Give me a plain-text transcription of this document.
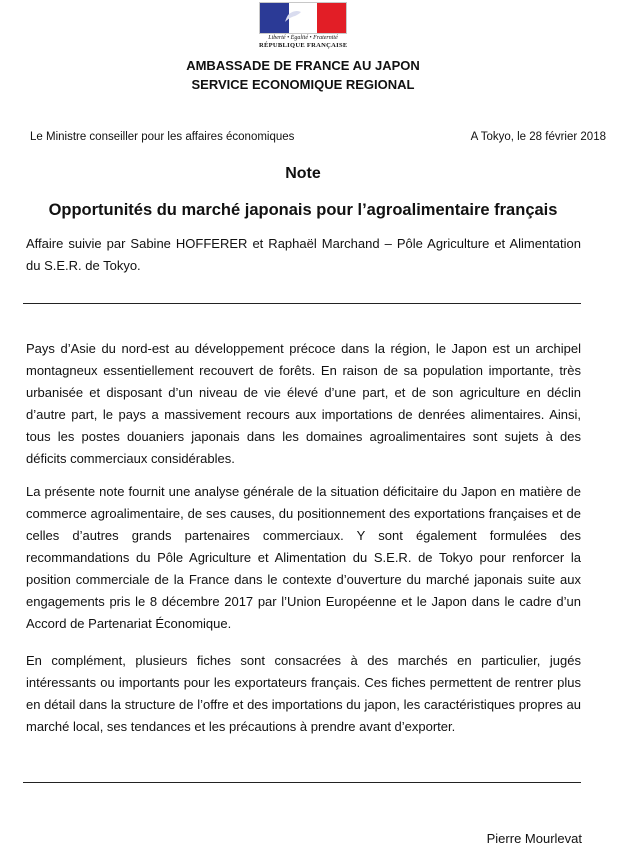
Liberté • Égalité • Fraternité
RÉPUBLIQUE FRANÇAISE
AMBASSADE DE FRANCE AU JAPON
SERVICE ECONOMIQUE REGIONAL
Le Ministre conseiller pour les affaires économiques	A Tokyo, le 28 février 2018
Note
Opportunités du marché japonais pour l’agroalimentaire français
Affaire suivie par Sabine HOFFERER et Raphaël Marchand – Pôle Agriculture et Alimentation du S.E.R. de Tokyo.

Pays d’Asie du nord-est au développement précoce dans la région, le Japon est un archipel montagneux essentiellement recouvert de forêts. En raison de sa population importante, très urbanisée et disposant d’un niveau de vie élevé d’une part, et de son agriculture en déclin d’autre part, le pays a massivement recours aux importations de denrées alimentaires. Ainsi, tous les postes douaniers japonais dans les domaines agroalimentaires sont sujets à des déficits commerciaux considérables.

La présente note fournit une analyse générale de la situation déficitaire du Japon en matière de commerce agroalimentaire, de ses causes, du positionnement des exportations françaises et de celles d’autres grands partenaires commerciaux. Y sont également formulées des recommandations du Pôle Agriculture et Alimentation du S.E.R. de Tokyo pour renforcer la position commerciale de la France dans le contexte d’ouverture du marché japonais suite aux engagements pris le 8 décembre 2017 par l’Union Européenne et le Japon dans le cadre d’un Accord de Partenariat Économique.

En complément, plusieurs fiches sont consacrées à des marchés en particulier, jugés intéressants ou importants pour les exportateurs français. Ces fiches permettent de rentrer plus en détail dans la structure de l’offre et des importations du japon, les caractéristiques propres au marché local, ses tendances et les précautions à prendre avant d’exporter.

Pierre Mourlevat
